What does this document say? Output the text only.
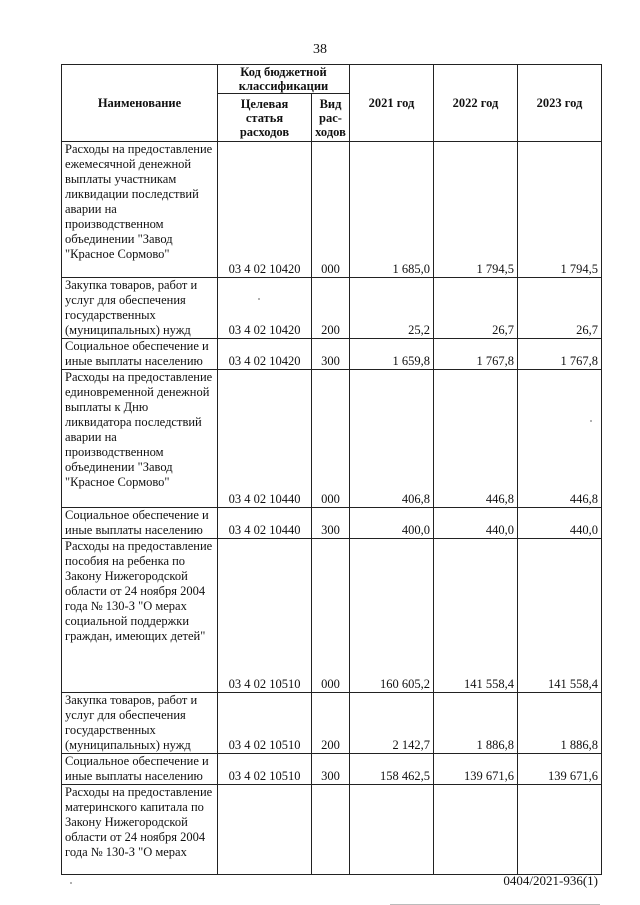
38
Наименование	Код бюджетной классификации		2021 год	2022 год	2023 год
	Целевая статья расходов	Вид рас-ходов			
Расходы на предоставление ежемесячной денежной выплаты участникам ликвидации последствий аварии на производственном объединении "Завод "Красное Сормово"	03 4 02 10420	000	1 685,0	1 794,5	1 794,5
Закупка товаров, работ и услуг для обеспечения государственных (муниципальных) нужд	03 4 02 10420	200	25,2	26,7	26,7
Социальное обеспечение и иные выплаты населению	03 4 02 10420	300	1 659,8	1 767,8	1 767,8
Расходы на предоставление единовременной денежной выплаты к Дню ликвидатора последствий аварии на производственном объединении "Завод "Красное Сормово"	03 4 02 10440	000	406,8	446,8	446,8
Социальное обеспечение и иные выплаты населению	03 4 02 10440	300	400,0	440,0	440,0
Расходы на предоставление пособия на ребенка по Закону Нижегородской области от 24 ноября 2004 года № 130-З "О мерах социальной поддержки граждан, имеющих детей"	03 4 02 10510	000	160 605,2	141 558,4	141 558,4
Закупка товаров, работ и услуг для обеспечения государственных (муниципальных) нужд	03 4 02 10510	200	2 142,7	1 886,8	1 886,8
Социальное обеспечение и иные выплаты населению	03 4 02 10510	300	158 462,5	139 671,6	139 671,6
Расходы на предоставление материнского капитала по Закону Нижегородской области от 24 ноября 2004 года № 130-З "О мерах					
0404/2021-936(1)
